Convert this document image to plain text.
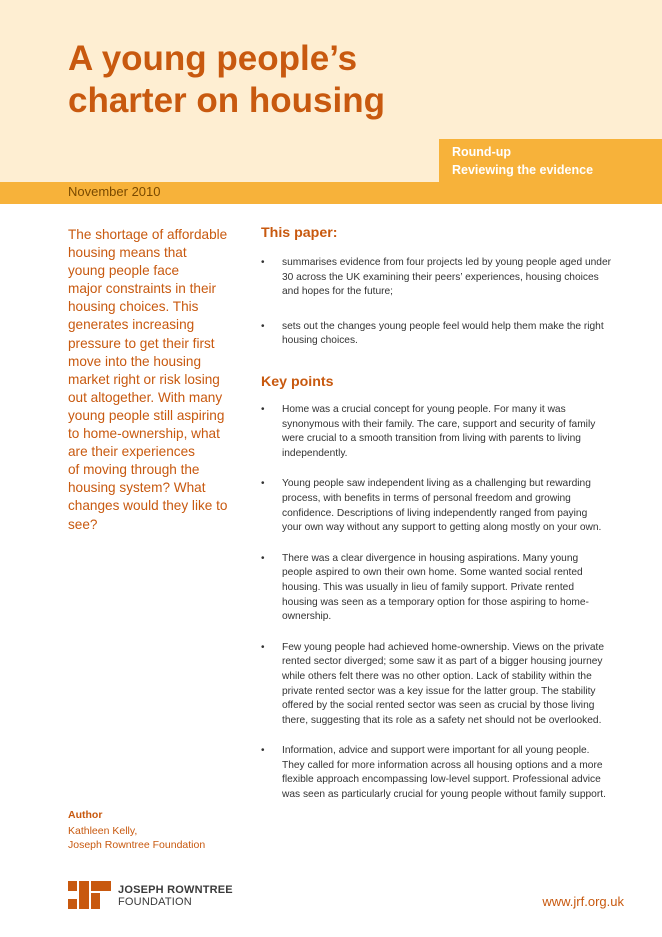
A young people’s
charter on housing
Round-up
Reviewing the evidence
November 2010

The shortage of affordable
housing means that
young people face
major constraints in their
housing choices. This
generates increasing
pressure to get their first
move into the housing
market right or risk losing
out altogether. With many
young people still aspiring
to home-ownership, what
are their experiences
of moving through the
housing system? What
changes would they like to
see?

This paper:
• summarises evidence from four projects led by young people aged under
30 across the UK examining their peers’ experiences, housing choices
and hopes for the future;
• sets out the changes young people feel would help them make the right
housing choices.
Key points
• Home was a crucial concept for young people. For many it was
synonymous with their family. The care, support and security of family
were crucial to a smooth transition from living with parents to living
independently.
• Young people saw independent living as a challenging but rewarding
process, with benefits in terms of personal freedom and growing
confidence. Descriptions of living independently ranged from paying
your own way without any support to getting along mostly on your own.
• There was a clear divergence in housing aspirations. Many young
people aspired to own their own home. Some wanted social rented
housing. This was usually in lieu of family support. Private rented
housing was seen as a temporary option for those aspiring to home-
ownership.
• Few young people had achieved home-ownership. Views on the private
rented sector diverged; some saw it as part of a bigger housing journey
while others felt there was no other option. Lack of stability within the
private rented sector was a key issue for the latter group. The stability
offered by the social rented sector was seen as crucial by those living
there, suggesting that its role as a safety net should not be overlooked.
• Information, advice and support were important for all young people.
They called for more information across all housing options and a more
flexible approach encompassing low-level support. Professional advice
was seen as particularly crucial for young people without family support.
Author
Kathleen Kelly,
Joseph Rowntree Foundation
JOSEPH ROWNTREE
FOUNDATION	www.jrf.org.uk
